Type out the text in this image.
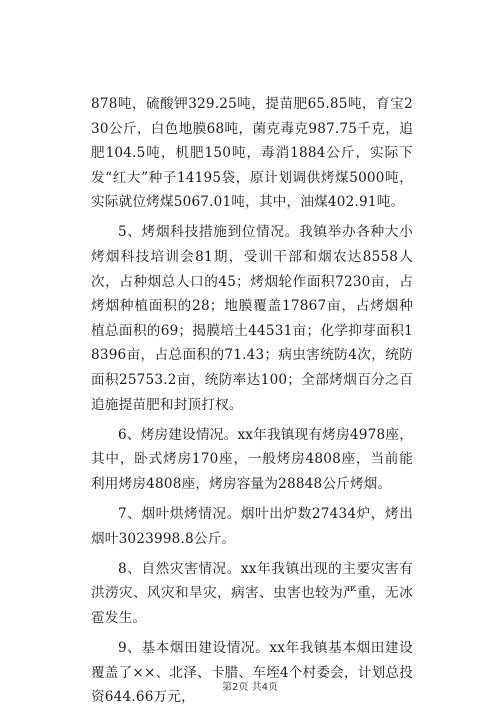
878吨，硫酸钾329.25吨，提苗肥65.85吨，育宝230公斤，白色地膜68吨，菌克毒克987.75千克，追肥104.5吨，机肥150吨，毒消1884公斤，实际下发“红大”种子14195袋，原计划调供烤煤5000吨，实际就位烤煤5067.01吨，其中，油煤402.91吨。

5、烤烟科技措施到位情况。我镇举办各种大小烤烟科技培训会81期，受训干部和烟农达8558人次，占种烟总人口的45；烤烟轮作面积7230亩，占烤烟种植面积的28；地膜覆盖17867亩，占烤烟种植总面积的69；揭膜培土44531亩；化学抑芽面积18396亩，占总面积的71.43；病虫害统防4次，统防面积25753.2亩，统防率达100；全部烤烟百分之百追施提苗肥和封顶打杈。

6、烤房建设情况。xx年我镇现有烤房4978座，其中，卧式烤房170座，一般烤房4808座，当前能利用烤房4808座，烤房容量为28848公斤烤烟。

7、烟叶烘烤情况。烟叶出炉数27434炉，烤出烟叶3023998.8公斤。

8、自然灾害情况。xx年我镇出现的主要灾害有洪涝灾、风灾和旱灾，病害、虫害也较为严重，无冰雹发生。

9、基本烟田建设情况。xx年我镇基本烟田建设覆盖了××、北泽、卡腊、车垤4个村委会，计划总投资644.66万元，

第2页 共4页
